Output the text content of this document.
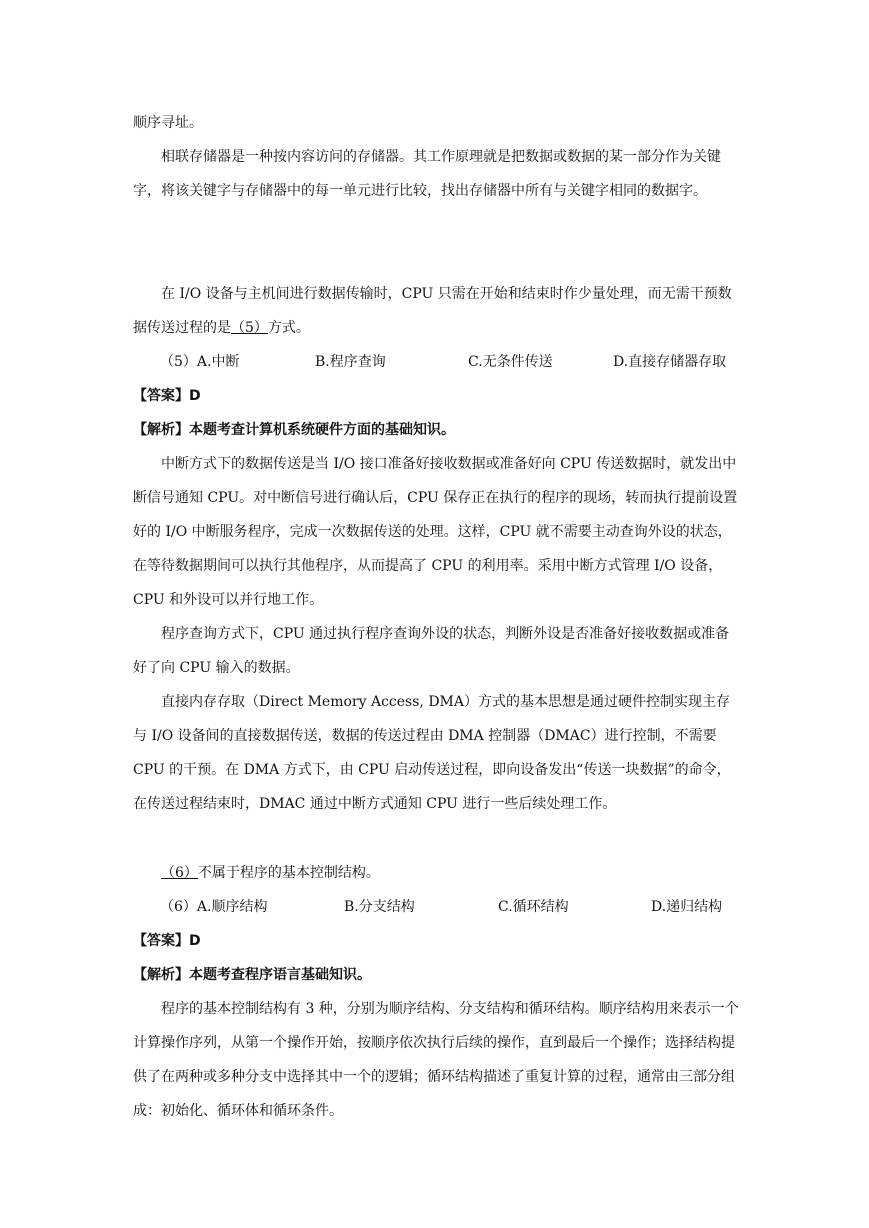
顺序寻址。

相联存储器是一种按内容访问的存储器。其工作原理就是把数据或数据的某一部分作为关键字，将该关键字与存储器中的每一单元进行比较，找出存储器中所有与关键字相同的数据字。

在 I/O 设备与主机间进行数据传输时，CPU 只需在开始和结束时作少量处理，而无需干预数据传送过程的是（5）方式。

（5）A.中断	B.程序查询	C.无条件传送	D.直接存储器存取
【答案】D
【解析】本题考查计算机系统硬件方面的基础知识。

中断方式下的数据传送是当 I/O 接口准备好接收数据或准备好向 CPU 传送数据时，就发出中断信号通知 CPU。对中断信号进行确认后，CPU 保存正在执行的程序的现场，转而执行提前设置好的 I/O 中断服务程序，完成一次数据传送的处理。这样，CPU 就不需要主动查询外设的状态，在等待数据期间可以执行其他程序，从而提高了 CPU 的利用率。采用中断方式管理 I/O 设备，CPU 和外设可以并行地工作。

程序查询方式下，CPU 通过执行程序查询外设的状态，判断外设是否准备好接收数据或准备好了向 CPU 输入的数据。

直接内存存取（Direct Memory Access, DMA）方式的基本思想是通过硬件控制实现主存与 I/O 设备间的直接数据传送，数据的传送过程由 DMA 控制器（DMAC）进行控制，不需要 CPU 的干预。在 DMA 方式下，由 CPU 启动传送过程，即向设备发出“传送一块数据”的命令，在传送过程结束时，DMAC 通过中断方式通知 CPU 进行一些后续处理工作。

（6）不属于程序的基本控制结构。
（6）A.顺序结构	B.分支结构	C.循环结构	D.递归结构
【答案】D
【解析】本题考查程序语言基础知识。

程序的基本控制结构有 3 种，分别为顺序结构、分支结构和循环结构。顺序结构用来表示一个计算操作序列，从第一个操作开始，按顺序依次执行后续的操作，直到最后一个操作；选择结构提供了在两种或多种分支中选择其中一个的逻辑；循环结构描述了重复计算的过程，通常由三部分组成：初始化、循环体和循环条件。
